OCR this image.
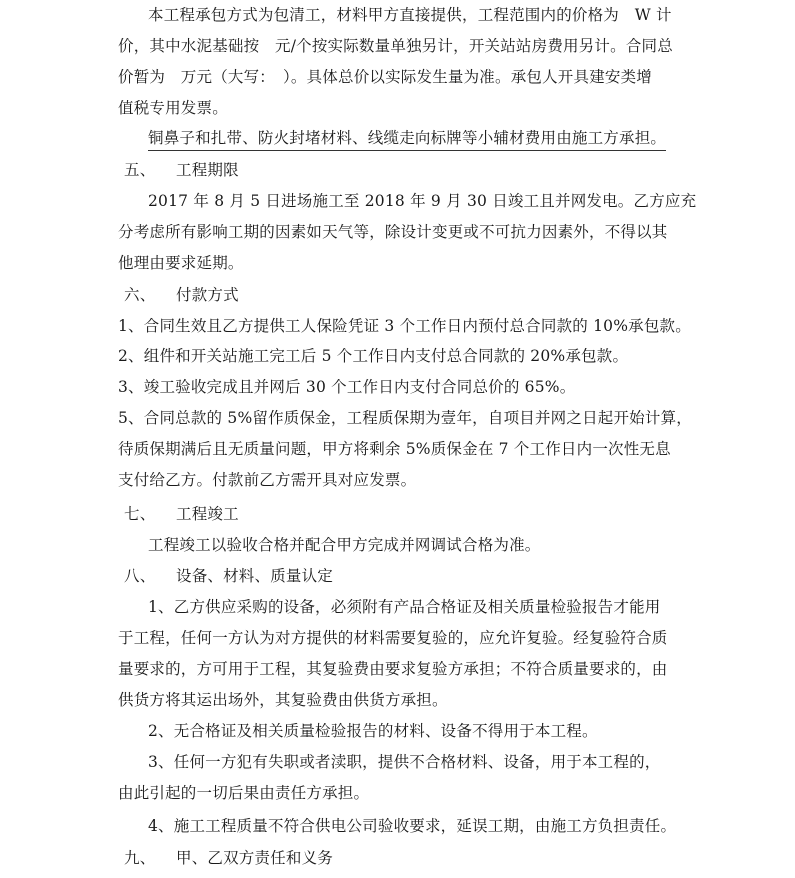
本工程承包方式为包清工，材料甲方直接提供，工程范围内的价格为　W 计
价，其中水泥基础按　元/个按实际数量单独另计，开关站站房费用另计。合同总
价暂为　万元（大写：　）。具体总价以实际发生量为准。承包人开具建安类增
值税专用发票。
铜鼻子和扎带、防火封堵材料、线缆走向标牌等小辅材费用由施工方承担。
五、 工程期限
2017 年 8 月 5 日进场施工至 2018 年 9 月 30 日竣工且并网发电。乙方应充
分考虑所有影响工期的因素如天气等，除设计变更或不可抗力因素外，不得以其
他理由要求延期。
六、 付款方式
1、合同生效且乙方提供工人保险凭证 3 个工作日内预付总合同款的 10%承包款。
2、组件和开关站施工完工后 5 个工作日内支付总合同款的 20%承包款。
3、竣工验收完成且并网后 30 个工作日内支付合同总价的 65%。
5、合同总款的 5%留作质保金，工程质保期为壹年，自项目并网之日起开始计算，
待质保期满后且无质量问题，甲方将剩余 5%质保金在 7 个工作日内一次性无息
支付给乙方。付款前乙方需开具对应发票。
七、 工程竣工
工程竣工以验收合格并配合甲方完成并网调试合格为准。
八、 设备、材料、质量认定
1、乙方供应采购的设备，必须附有产品合格证及相关质量检验报告才能用
于工程，任何一方认为对方提供的材料需要复验的，应允许复验。经复验符合质
量要求的，方可用于工程，其复验费由要求复验方承担；不符合质量要求的，由
供货方将其运出场外，其复验费由供货方承担。
2、无合格证及相关质量检验报告的材料、设备不得用于本工程。
3、任何一方犯有失职或者渎职，提供不合格材料、设备，用于本工程的，
由此引起的一切后果由责任方承担。
4、施工工程质量不符合供电公司验收要求，延误工期，由施工方负担责任。
九、 甲、乙双方责任和义务
